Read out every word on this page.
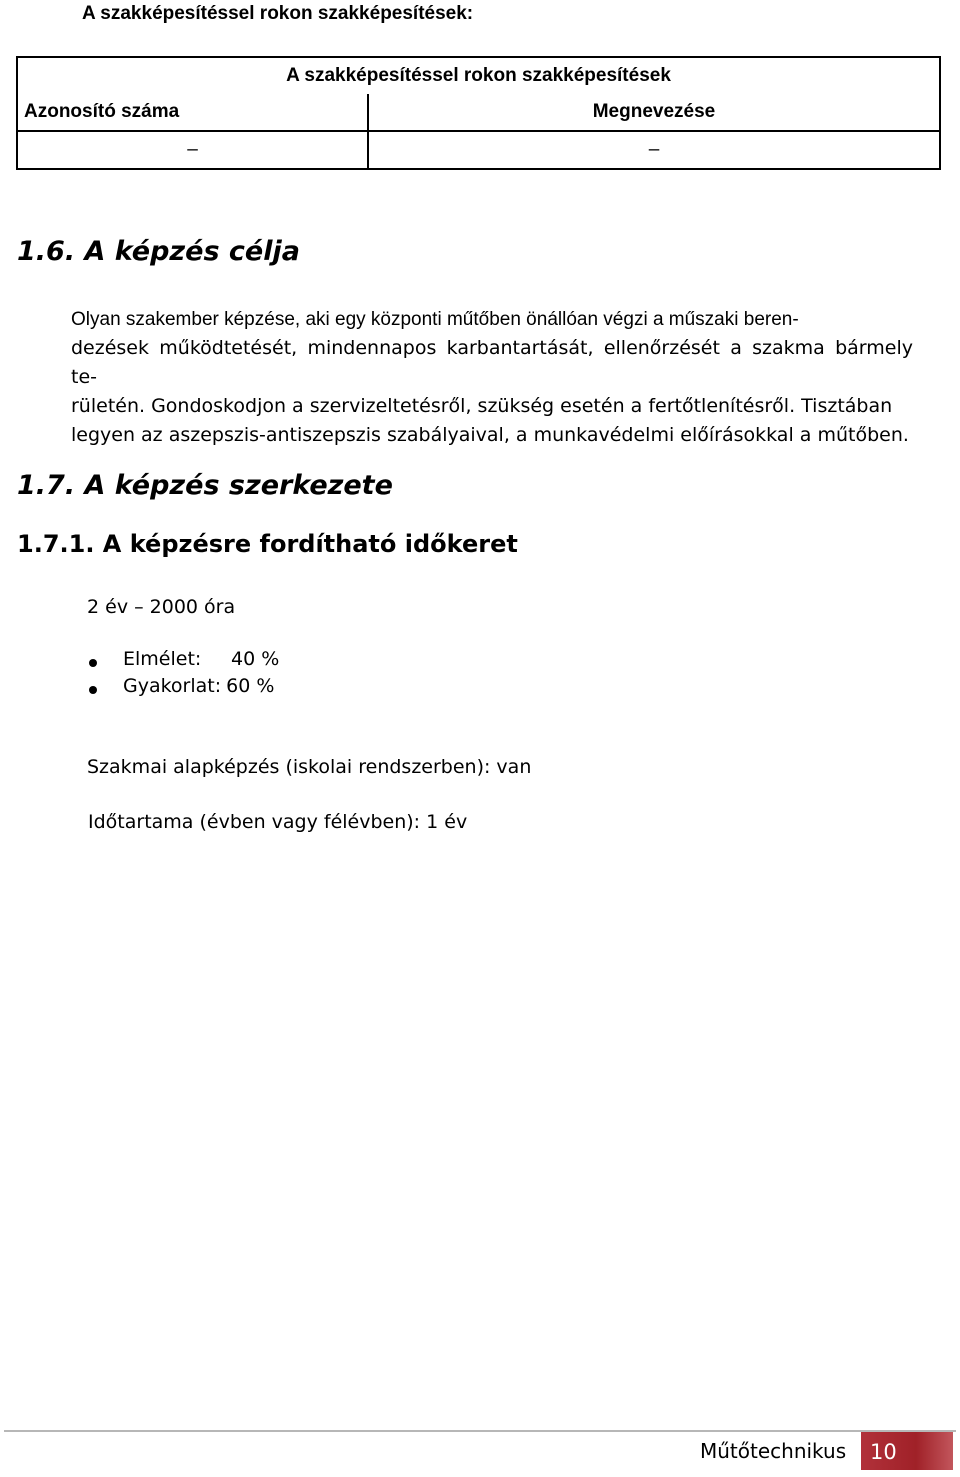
A szakképesítéssel rokon szakképesítések:
A szakképesítéssel rokon szakképesítések	
Azonosító száma	Megnevezése
–	–
1.6. A képzés célja
Olyan szakember képzése, aki egy központi műtőben önállóan végzi a műszaki beren-
dezések működtetését, mindennapos karbantartását, ellenőrzését a szakma bármely te-
rületén. Gondoskodjon a szervizeltetésről, szükség esetén a fertőtlenítésről. Tisztában
legyen az aszepszis-antiszepszis szabályaival, a munkavédelmi előírásokkal a műtőben.
1.7. A képzés szerkezete
1.7.1. A képzésre fordítható időkeret
2 év – 2000 óra
Elmélet: 40 %
Gyakorlat: 60 %
Szakmai alapképzés (iskolai rendszerben): van
Időtartama (évben vagy félévben): 1 év
Műtőtechnikus 10
